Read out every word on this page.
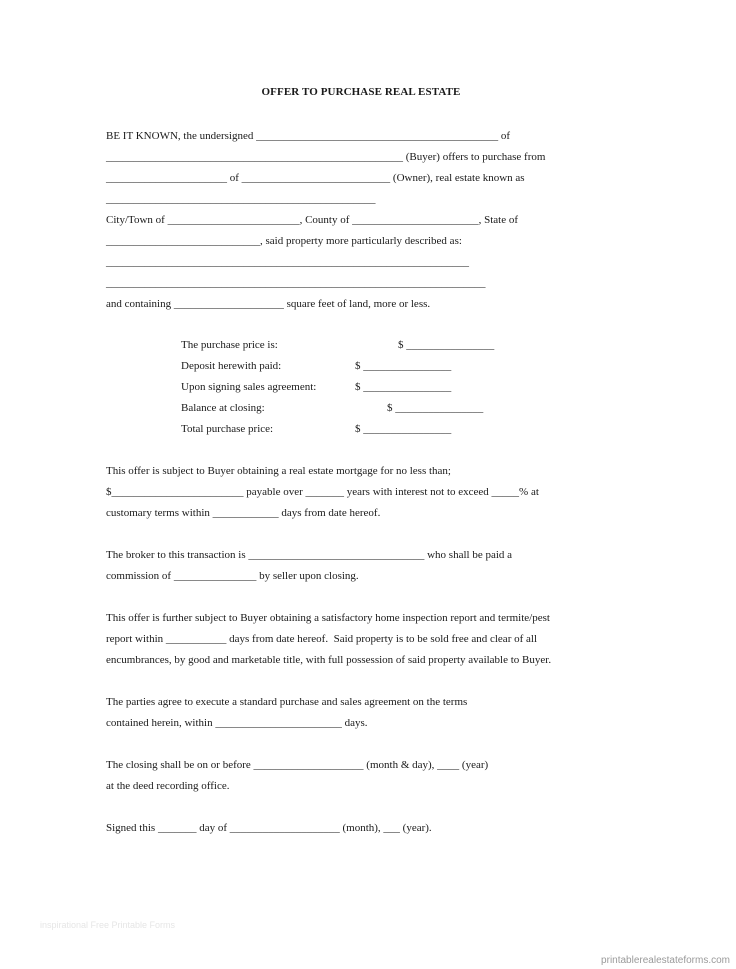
OFFER TO PURCHASE REAL ESTATE
BE IT KNOWN, the undersigned ____________________________________________ of
______________________________________________________ (Buyer) offers to purchase from
______________________ of ___________________________ (Owner), real estate known as
_________________________________________________
City/Town of ________________________, County of _______________________, State of
____________________________, said property more particularly described as:
__________________________________________________________________
_____________________________________________________________________
and containing ____________________ square feet of land, more or less.
The purchase price is:	$ ________________
Deposit herewith paid:	$ ________________
Upon signing sales agreement:	$ ________________
Balance at closing:	$ ________________
Total purchase price:	$ ________________
This offer is subject to Buyer obtaining a real estate mortgage for no less than;
$________________________ payable over _______ years with interest not to exceed _____% at
customary terms within ____________ days from date hereof.
The broker to this transaction is ________________________________ who shall be paid a
commission of _______________ by seller upon closing.
This offer is further subject to Buyer obtaining a satisfactory home inspection report and termite/pest
report within ___________ days from date hereof.  Said property is to be sold free and clear of all
encumbrances, by good and marketable title, with full possession of said property available to Buyer.
The parties agree to execute a standard purchase and sales agreement on the terms
contained herein, within _______________________ days.
The closing shall be on or before ____________________ (month & day), ____ (year)
at the deed recording office.
Signed this _______ day of ____________________ (month), ___ (year).
inspirational Free Printable Forms
printablerealestateforms.com
